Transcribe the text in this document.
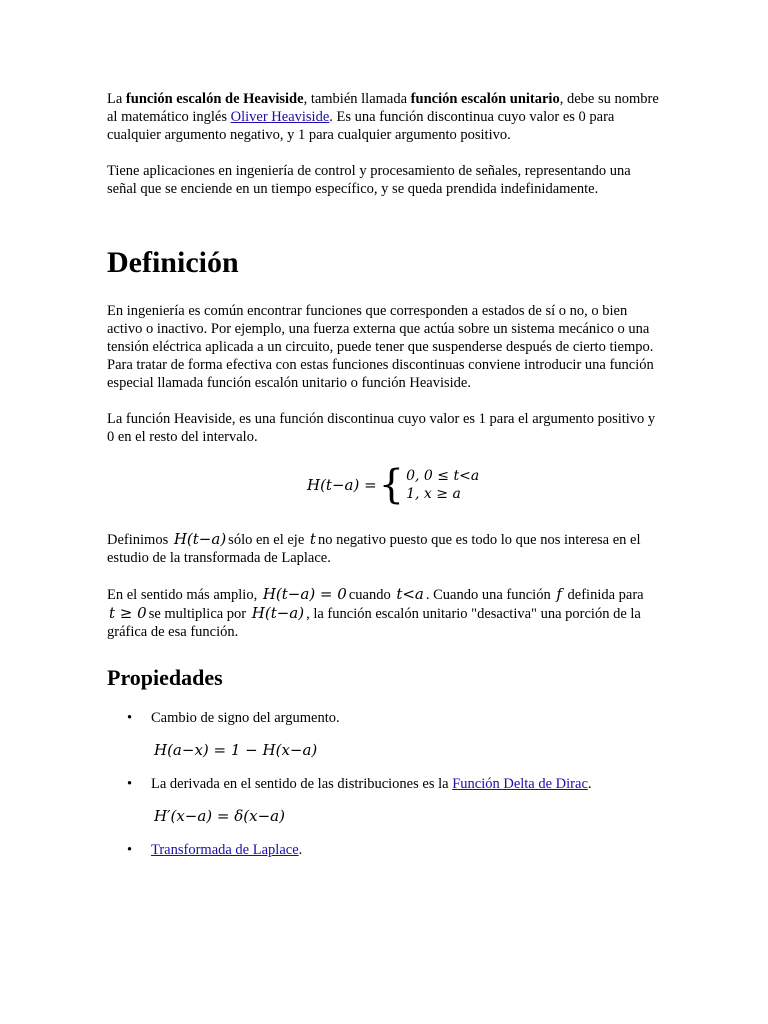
La función escalón de Heaviside, también llamada función escalón unitario, debe su nombre al matemático inglés Oliver Heaviside. Es una función discontinua cuyo valor es 0 para cualquier argumento negativo, y 1 para cualquier argumento positivo.

Tiene aplicaciones en ingeniería de control y procesamiento de señales, representando una señal que se enciende en un tiempo específico, y se queda prendida indefinidamente.

Definición

En ingeniería es común encontrar funciones que corresponden a estados de sí o no, o bien activo o inactivo. Por ejemplo, una fuerza externa que actúa sobre un sistema mecánico o una tensión eléctrica aplicada a un circuito, puede tener que suspenderse después de cierto tiempo. Para tratar de forma efectiva con estas funciones discontinuas conviene introducir una función especial llamada función escalón unitario o función Heaviside.

La función Heaviside, es una función discontinua cuyo valor es 1 para el argumento positivo y 0 en el resto del intervalo.

H(t−a) = { 0, 0 ≤ t<a
1, x ≥ a

Definimos H(t−a) sólo en el eje t no negativo puesto que es todo lo que nos interesa en el estudio de la transformada de Laplace.

En el sentido más amplio, H(t−a) = 0 cuando t<a . Cuando una función f definida para t ≥ 0 se multiplica por H(t−a) , la función escalón unitario "desactiva" una porción de la gráfica de esa función.

Propiedades
• Cambio de signo del argumento.
H(a−x) = 1 − H(x−a)
• La derivada en el sentido de las distribuciones es la Función Delta de Dirac.
H′(x−a) = δ(x−a)
• Transformada de Laplace.
